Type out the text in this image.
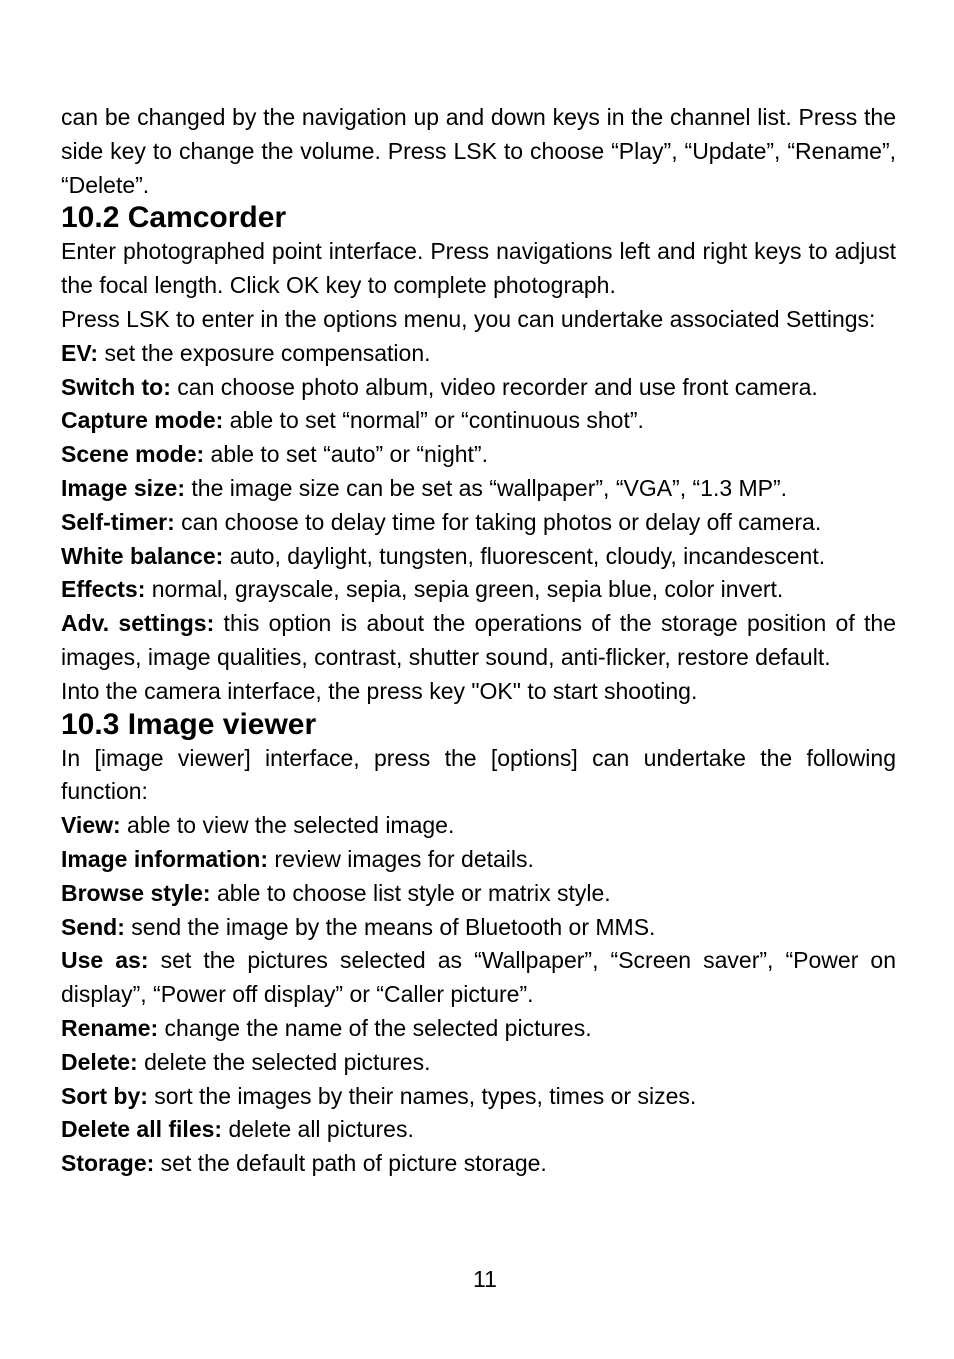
can be changed by the navigation up and down keys in the channel list. Press the side key to change the volume. Press LSK to choose “Play”, “Update”, “Rename”, “Delete”.

10.2 Camcorder

Enter photographed point interface. Press navigations left and right keys to adjust the focal length. Click OK key to complete photograph.

Press LSK to enter in the options menu, you can undertake associated Settings:

EV: set the exposure compensation.

Switch to: can choose photo album, video recorder and use front camera.

Capture mode: able to set “normal” or “continuous shot”.

Scene mode: able to set “auto” or “night”.

Image size: the image size can be set as “wallpaper”, “VGA”, “1.3 MP”.

Self-timer: can choose to delay time for taking photos or delay off camera.

White balance: auto, daylight, tungsten, fluorescent, cloudy, incandescent.

Effects: normal, grayscale, sepia, sepia green, sepia blue, color invert.

Adv. settings: this option is about the operations of the storage position of the images, image qualities, contrast, shutter sound, anti-flicker, restore default.

Into the camera interface, the press key "OK" to start shooting.

10.3 Image viewer

In [image viewer] interface, press the [options] can undertake the following function:

View: able to view the selected image.

Image information: review images for details.

Browse style: able to choose list style or matrix style.

Send: send the image by the means of Bluetooth or MMS.

Use as: set the pictures selected as “Wallpaper”, “Screen saver”, “Power on display”, “Power off display” or “Caller picture”.

Rename: change the name of the selected pictures.

Delete: delete the selected pictures.

Sort by: sort the images by their names, types, times or sizes.

Delete all files: delete all pictures.

Storage: set the default path of picture storage.

11
